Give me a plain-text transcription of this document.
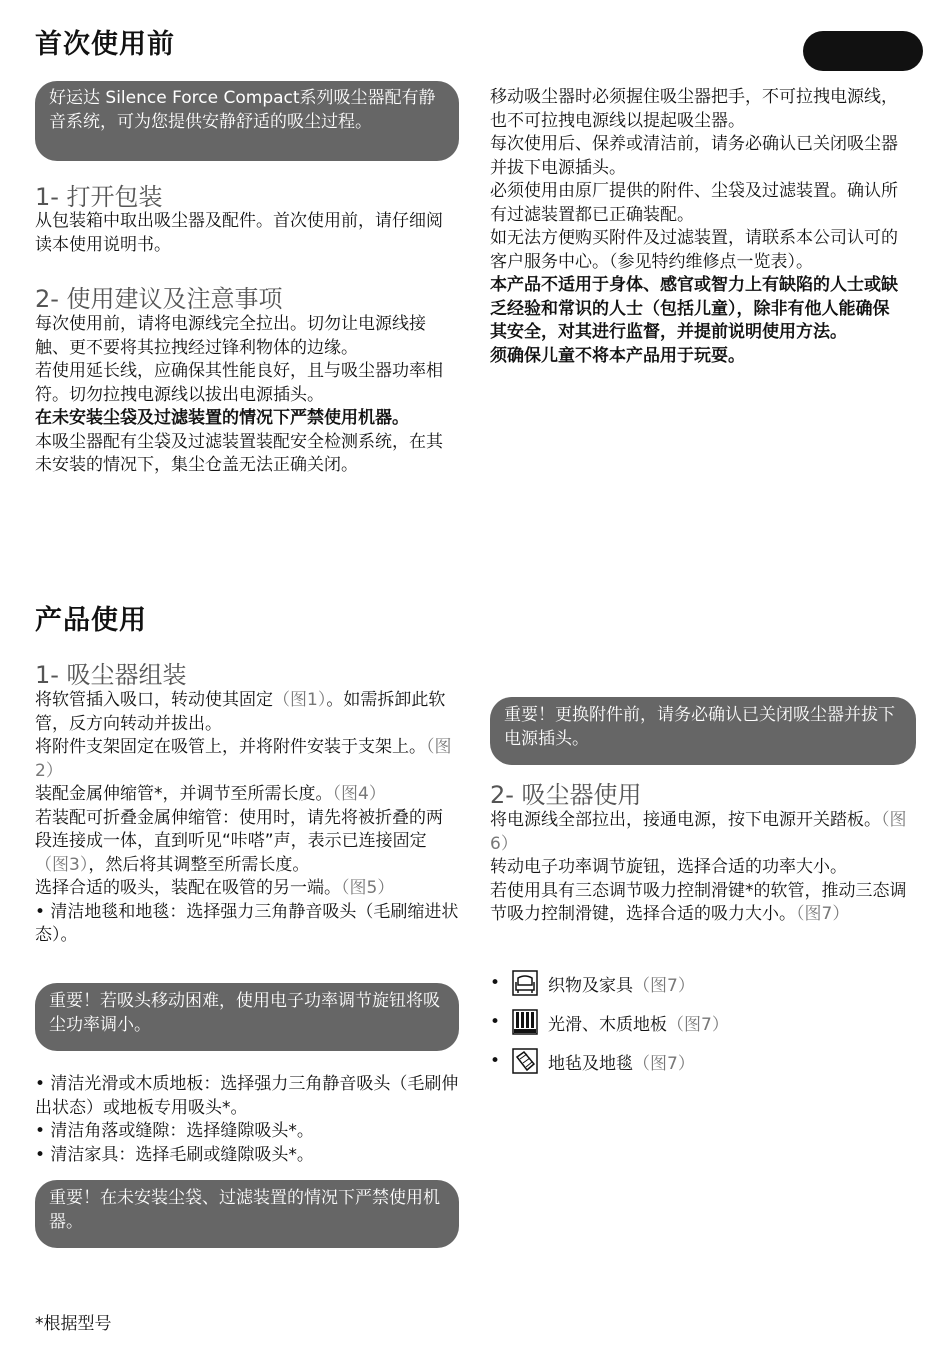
首次使用前
好运达 Silence Force Compact系列吸尘器配有静音系统，可为您提供安静舒适的吸尘过程。
1- 打开包装

从包装箱中取出吸尘器及配件。首次使用前，请仔细阅读本使用说明书。

2- 使用建议及注意事项

每次使用前，请将电源线完全拉出。切勿让电源线接触、更不要将其拉拽经过锋利物体的边缘。

若使用延长线，应确保其性能良好，且与吸尘器功率相符。切勿拉拽电源线以拔出电源插头。

在未安装尘袋及过滤装置的情况下严禁使用机器。

本吸尘器配有尘袋及过滤装置装配安全检测系统，在其未安装的情况下，集尘仓盖无法正确关闭。

移动吸尘器时必须握住吸尘器把手，不可拉拽电源线，也不可拉拽电源线以提起吸尘器。

每次使用后、保养或清洁前，请务必确认已关闭吸尘器并拔下电源插头。

必须使用由原厂提供的附件、尘袋及过滤装置。确认所有过滤装置都已正确装配。

如无法方便购买附件及过滤装置，请联系本公司认可的客户服务中心。（参见特约维修点一览表）。

本产品不适用于身体、感官或智力上有缺陷的人士或缺乏经验和常识的人士（包括儿童），除非有他人能确保其安全，对其进行监督，并提前说明使用方法。

须确保儿童不将本产品用于玩耍。

产品使用
1- 吸尘器组装

将软管插入吸口，转动使其固定（图1）。如需拆卸此软管，反方向转动并拔出。

将附件支架固定在吸管上，并将附件安装于支架上。（图2）

装配金属伸缩管*，并调节至所需长度。（图4）

若装配可折叠金属伸缩管：使用时，请先将被折叠的两段连接成一体，直到听见“咔嗒”声，表示已连接固定（图3），然后将其调整至所需长度。

选择合适的吸头，装配在吸管的另一端。（图5）

• 清洁地毯和地毯：选择强力三角静音吸头（毛刷缩进状态）。

重要！若吸头移动困难，使用电子功率调节旋钮将吸尘功率调小。

• 清洁光滑或木质地板：选择强力三角静音吸头（毛刷伸出状态）或地板专用吸头*。

• 清洁角落或缝隙：选择缝隙吸头*。

• 清洁家具：选择毛刷或缝隙吸头*。

重要！在未安装尘袋、过滤装置的情况下严禁使用机器。
*根据型号
重要！更换附件前，请务必确认已关闭吸尘器并拔下电源插头。
2- 吸尘器使用

将电源线全部拉出，接通电源，按下电源开关踏板。（图6）

转动电子功率调节旋钮，选择合适的功率大小。

若使用具有三态调节吸力控制滑键*的软管，推动三态调节吸力控制滑键，选择合适的吸力大小。（图7）

•	织物及家具 （图7）
•	光滑、木质地板 （图7）
•	地毡及地毯 （图7）
